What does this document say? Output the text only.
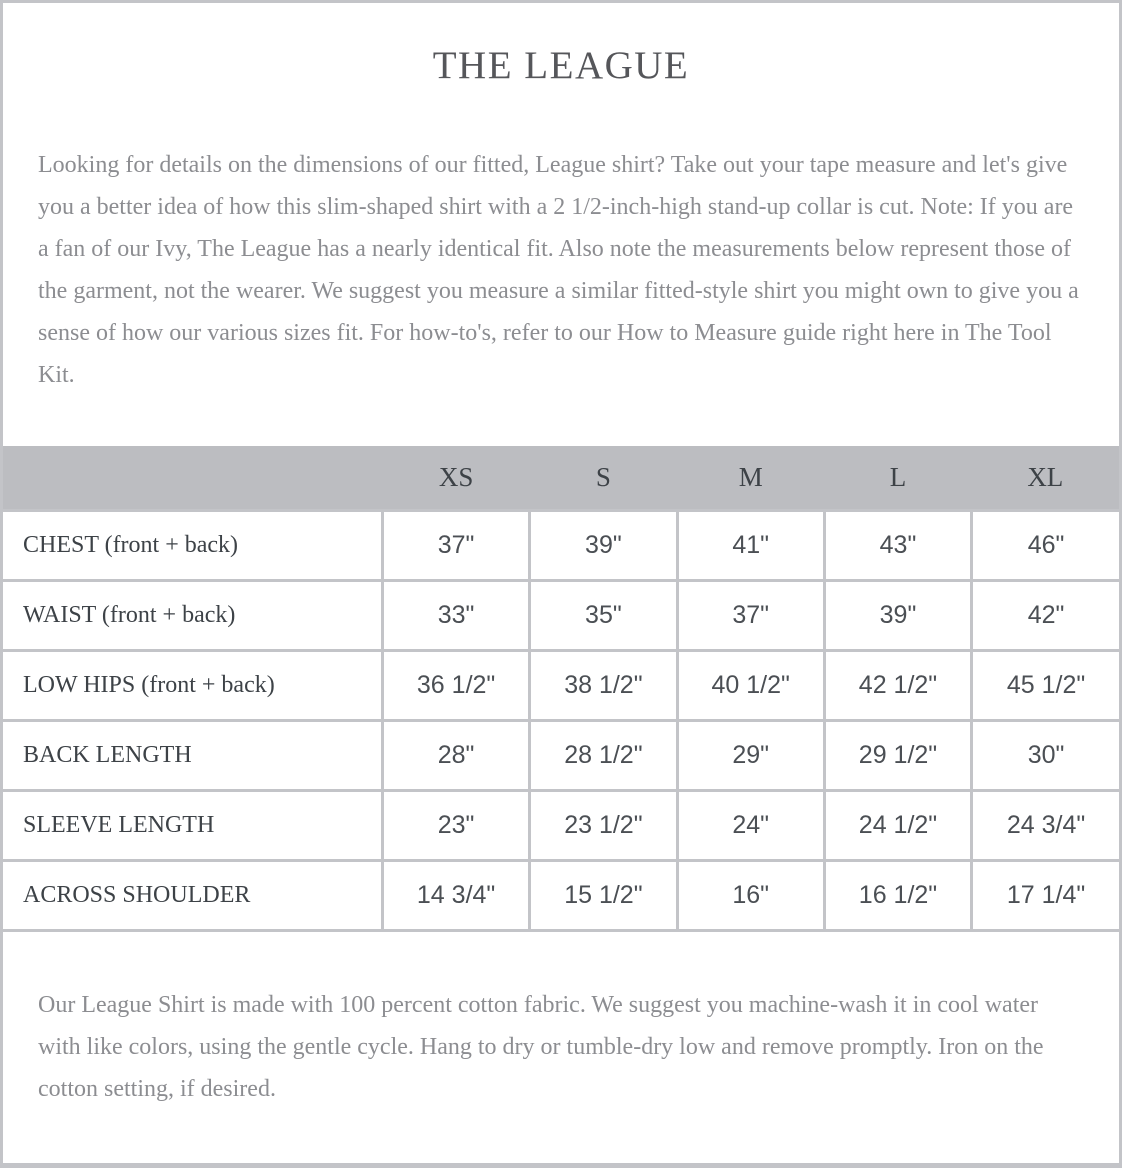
THE LEAGUE

Looking for details on the dimensions of our fitted, League shirt? Take out your tape measure and let's give you a better idea of how this slim-shaped shirt with a 2 1/2-inch-high stand-up collar is cut. Note: If you are a fan of our Ivy, The League has a nearly identical fit. Also note the measurements below represent those of the garment, not the wearer. We suggest you measure a similar fitted-style shirt you might own to give you a sense of how our various sizes fit. For how-to's, refer to our How to Measure guide right here in The Tool Kit.

	XS	S	M	L	XL
CHEST (front + back)	37"	39"	41"	43"	46"
WAIST (front + back)	33"	35"	37"	39"	42"
LOW HIPS (front + back)	36 1/2"	38 1/2"	40 1/2"	42 1/2"	45 1/2"
BACK LENGTH	28"	28 1/2"	29"	29 1/2"	30"
SLEEVE LENGTH	23"	23 1/2"	24"	24 1/2"	24 3/4"
ACROSS SHOULDER	14 3/4"	15 1/2"	16"	16 1/2"	17 1/4"

Our League Shirt is made with 100 percent cotton fabric. We suggest you machine-wash it in cool water with like colors, using the gentle cycle. Hang to dry or tumble-dry low and remove promptly. Iron on the cotton setting, if desired.
